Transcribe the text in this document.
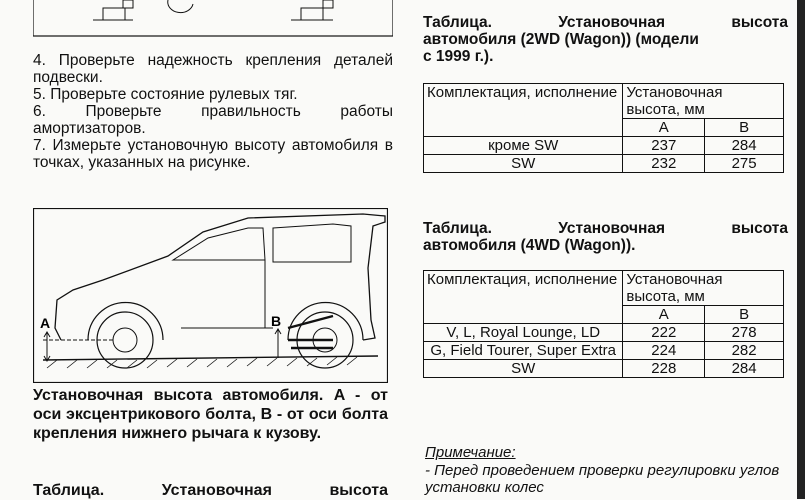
4. Проверьте надежность крепления деталей подвески.

5. Проверьте состояние рулевых тяг.

6. Проверьте правильность работы амортизаторов.

7. Измерьте установочную высоту автомобиля в точках, указанных на рисунке.

A	B
Установочная высота автомобиля. A - от оси эксцентрикового болта, B - от оси болта крепления нижнего рычага к кузову.
Таблица.	Установочная	высота
Таблица.	Установочная	высота
автомобиля (2WD (Wagon)) (модели
с 1999 г.).
Комплектация, исполнение	Установочная высота, мм	
	A	B
кроме SW	237	284
SW	232	275
Таблица.	Установочная	высота
автомобиля (4WD (Wagon)).
Комплектация, исполнение	Установочная высота, мм	
	A	B
V, L, Royal Lounge, LD	222	278
G, Field Tourer, Super Extra	224	282
SW	228	284
Примечание:
- Перед проведением проверки регулировки углов установки колес
